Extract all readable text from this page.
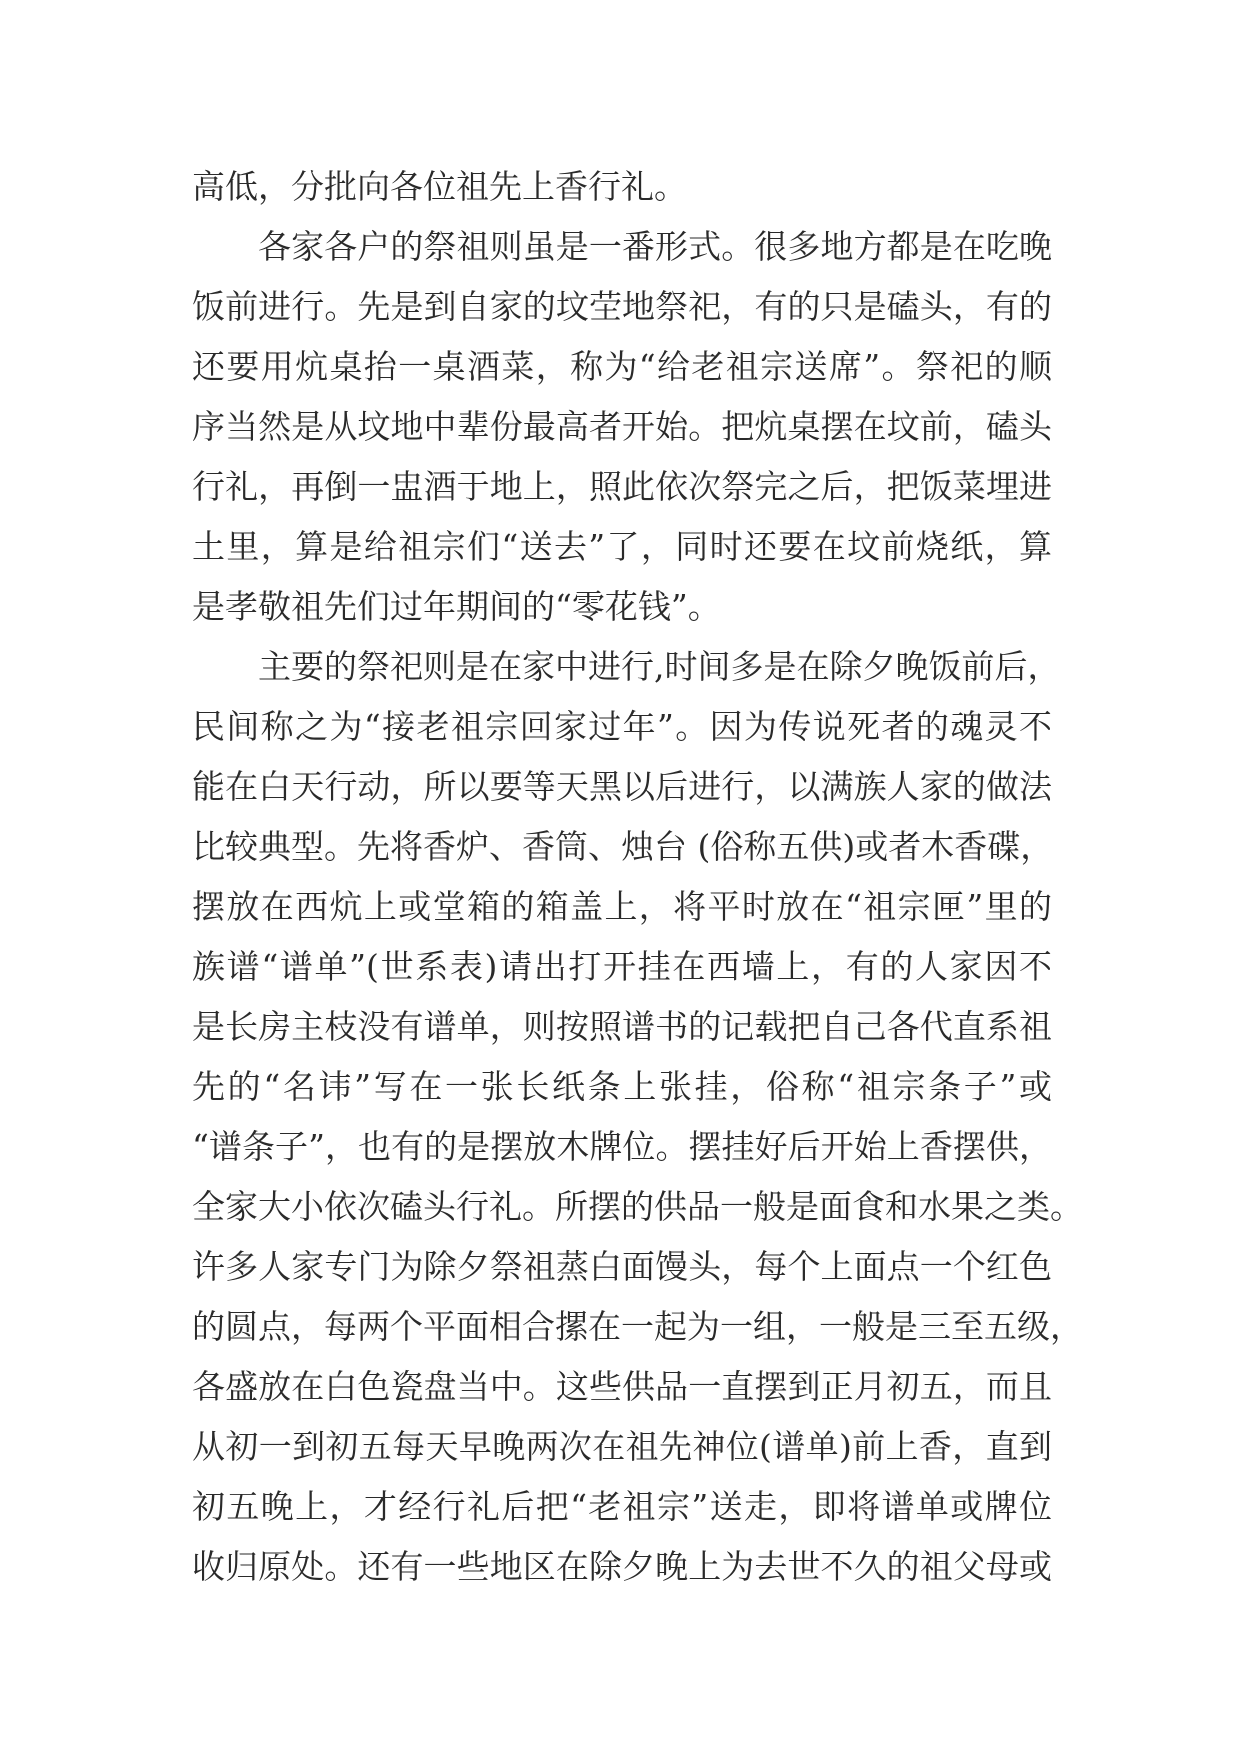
高低，分批向各位祖先上香行礼。
各家各户的祭祖则虽是一番形式。很多地方都是在吃晚
饭前进行。先是到自家的坟茔地祭祀，有的只是磕头，有的
还要用炕桌抬一桌酒菜，称为“给老祖宗送席”。祭祀的顺
序当然是从坟地中辈份最高者开始。把炕桌摆在坟前，磕头
行礼，再倒一盅酒于地上，照此依次祭完之后，把饭菜埋进
土里，算是给祖宗们“送去”了，同时还要在坟前烧纸，算
是孝敬祖先们过年期间的“零花钱”。
主要的祭祀则是在家中进行,时间多是在除夕晚饭前后，
民间称之为“接老祖宗回家过年”。因为传说死者的魂灵不
能在白天行动，所以要等天黑以后进行，以满族人家的做法
比较典型。先将香炉、香筒、烛台 (俗称五供)或者木香碟，
摆放在西炕上或堂箱的箱盖上，将平时放在“祖宗匣”里的
族谱“谱单”(世系表)请出打开挂在西墙上，有的人家因不
是长房主枝没有谱单，则按照谱书的记载把自己各代直系祖
先的“名讳”写在一张长纸条上张挂，俗称“祖宗条子”或
“谱条子”，也有的是摆放木牌位。摆挂好后开始上香摆供，
全家大小依次磕头行礼。所摆的供品一般是面食和水果之类。
许多人家专门为除夕祭祖蒸白面馒头，每个上面点一个红色
的圆点，每两个平面相合摞在一起为一组，一般是三至五级，
各盛放在白色瓷盘当中。这些供品一直摆到正月初五，而且
从初一到初五每天早晚两次在祖先神位(谱单)前上香，直到
初五晚上，才经行礼后把“老祖宗”送走，即将谱单或牌位
收归原处。还有一些地区在除夕晚上为去世不久的祖父母或
